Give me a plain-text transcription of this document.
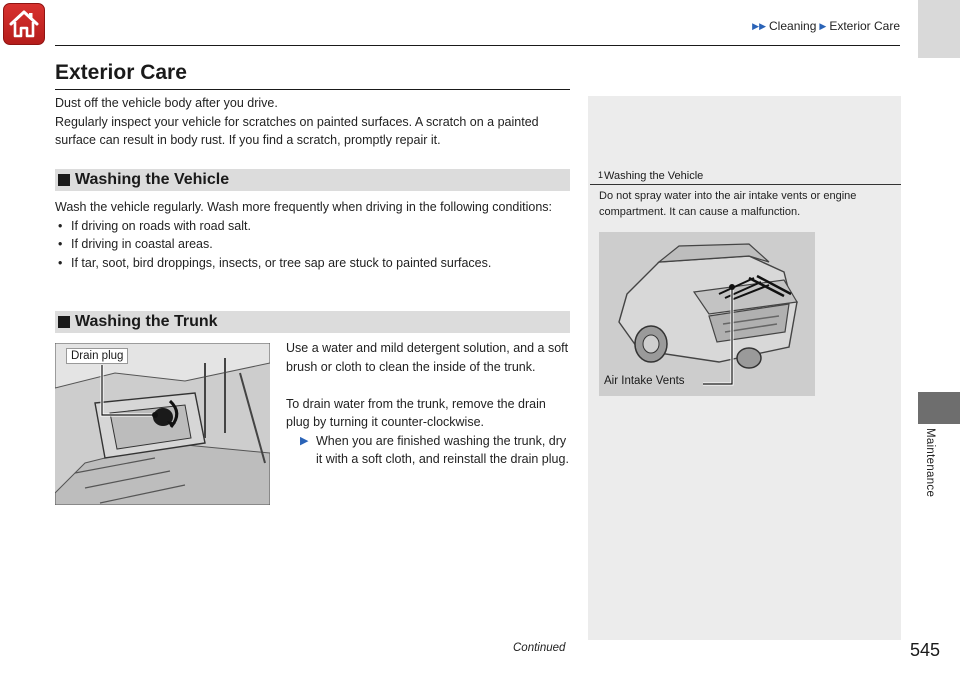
▶▶ Cleaning ▶ Exterior Care
Exterior Care
Dust off the vehicle body after you drive.
Regularly inspect your vehicle for scratches on painted surfaces. A scratch on a painted surface can result in body rust. If you find a scratch, promptly repair it.
Washing the Vehicle
Wash the vehicle regularly. Wash more frequently when driving in the following conditions:
• If driving on roads with road salt.
• If driving in coastal areas.
• If tar, soot, bird droppings, insects, or tree sap are stuck to painted surfaces.
Washing the Trunk
Drain plug

Use a water and mild detergent solution, and a soft brush or cloth to clean the inside of the trunk.

To drain water from the trunk, remove the drain plug by turning it counter-clockwise.

▶ When you are finished washing the trunk, dry it with a soft cloth, and reinstall the drain plug.
$^1$Washing the Vehicle
Do not spray water into the air intake vents or engine compartment. It can cause a malfunction.
Air Intake Vents
Continued	545
Maintenance
